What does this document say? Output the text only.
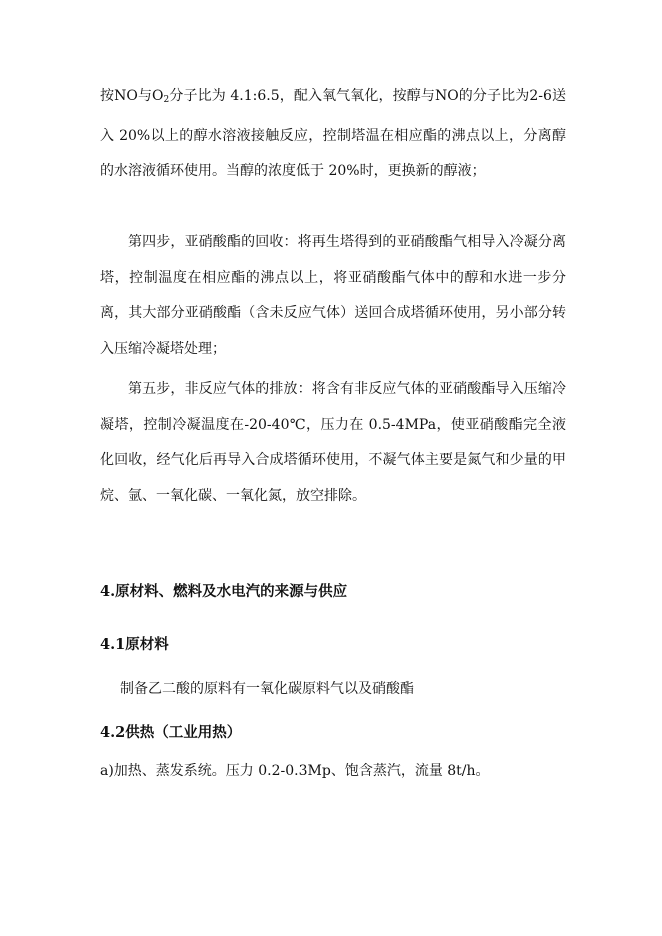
按NO与$O_2$分子比为 4.1:6.5，配入氧气氧化，按醇与NO的分子比为2-6送入 20%以上的醇水溶液接触反应，控制塔温在相应酯的沸点以上，分离醇的水溶液循环使用。当醇的浓度低于 20%时，更换新的醇液；

第四步，亚硝酸酯的回收：将再生塔得到的亚硝酸酯气相导入冷凝分离塔，控制温度在相应酯的沸点以上，将亚硝酸酯气体中的醇和水进一步分离，其大部分亚硝酸酯（含未反应气体）送回合成塔循环使用，另小部分转入压缩冷凝塔处理；

第五步，非反应气体的排放：将含有非反应气体的亚硝酸酯导入压缩冷凝塔，控制冷凝温度在-20-40℃，压力在 0.5-4MPa，使亚硝酸酯完全液化回收，经气化后再导入合成塔循环使用，不凝气体主要是氮气和少量的甲烷、氩、一氧化碳、一氧化氮，放空排除。

4.原材料、燃料及水电汽的来源与供应
4.1原材料

制备乙二酸的原料有一氧化碳原料气以及硝酸酯

4.2供热（工业用热）

a)加热、蒸发系统。压力 0.2-0.3Mp、饱含蒸汽，流量 8t/h。
